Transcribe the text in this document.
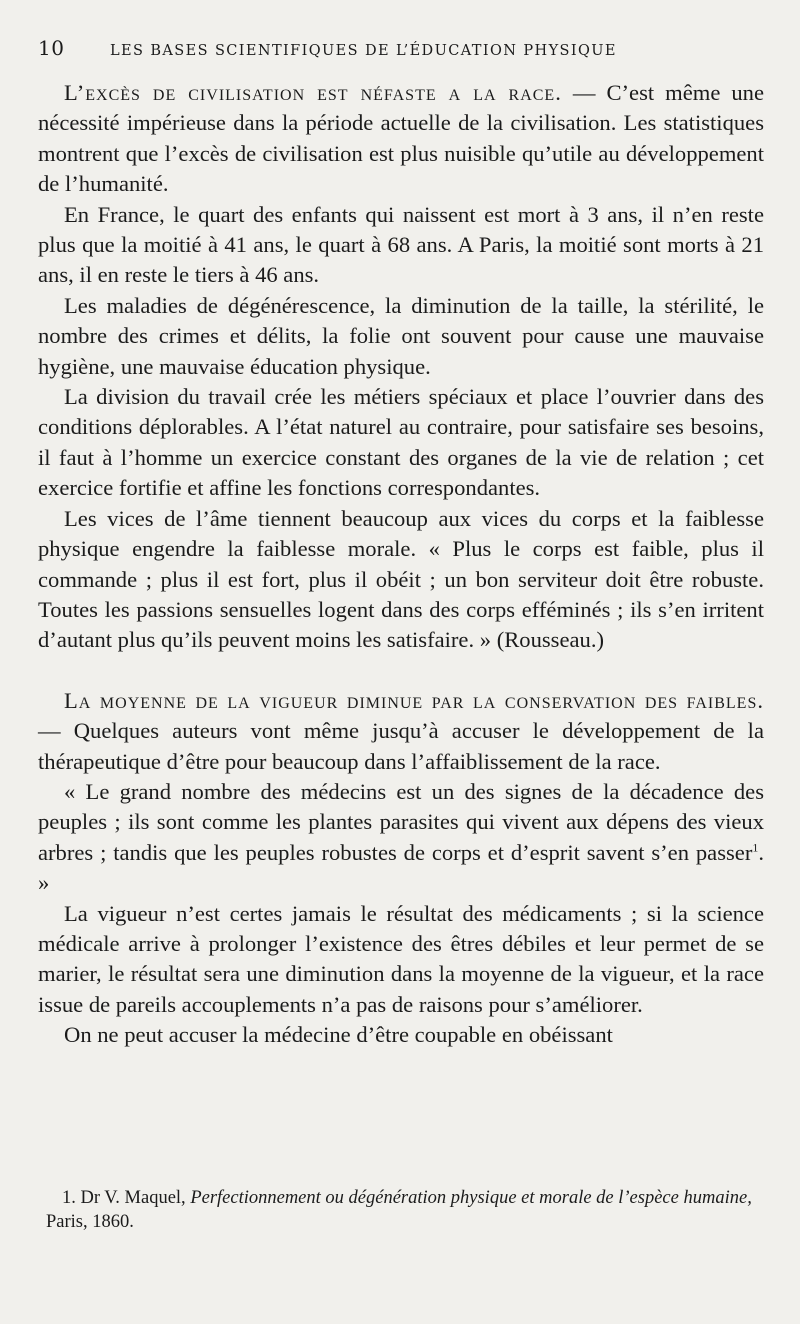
10	LES BASES SCIENTIFIQUES DE L’ÉDUCATION PHYSIQUE

L’excès de civilisation est néfaste a la race. — C’est même une nécessité impérieuse dans la période actuelle de la civilisation. Les statistiques montrent que l’excès de civilisation est plus nuisible qu’utile au développement de l’humanité.

En France, le quart des enfants qui naissent est mort à 3 ans, il n’en reste plus que la moitié à 41 ans, le quart à 68 ans. A Paris, la moitié sont morts à 21 ans, il en reste le tiers à 46 ans.

Les maladies de dégénérescence, la diminution de la taille, la stérilité, le nombre des crimes et délits, la folie ont souvent pour cause une mauvaise hygiène, une mauvaise éducation physique.

La division du travail crée les métiers spéciaux et place l’ouvrier dans des conditions déplorables. A l’état naturel au contraire, pour satisfaire ses besoins, il faut à l’homme un exercice constant des organes de la vie de relation ; cet exercice fortifie et affine les fonctions correspondantes.

Les vices de l’âme tiennent beaucoup aux vices du corps et la faiblesse physique engendre la faiblesse morale. « Plus le corps est faible, plus il commande ; plus il est fort, plus il obéit ; un bon serviteur doit être robuste. Toutes les passions sensuelles logent dans des corps efféminés ; ils s’en irritent d’autant plus qu’ils peuvent moins les satisfaire. » (Rousseau.)

La moyenne de la vigueur diminue par la conservation des faibles. — Quelques auteurs vont même jusqu’à accuser le développement de la thérapeutique d’être pour beaucoup dans l’affaiblissement de la race.

« Le grand nombre des médecins est un des signes de la décadence des peuples ; ils sont comme les plantes parasites qui vivent aux dépens des vieux arbres ; tandis que les peuples robustes de corps et d’esprit savent s’en passer$^1$. »

La vigueur n’est certes jamais le résultat des médicaments ; si la science médicale arrive à prolonger l’existence des êtres débiles et leur permet de se marier, le résultat sera une diminution dans la moyenne de la vigueur, et la race issue de pareils accouplements n’a pas de raisons pour s’améliorer.

On ne peut accuser la médecine d’être coupable en obéissant

1. Dr V. Maquel, Perfectionnement ou dégénération physique et morale de l’espèce humaine, Paris, 1860.
